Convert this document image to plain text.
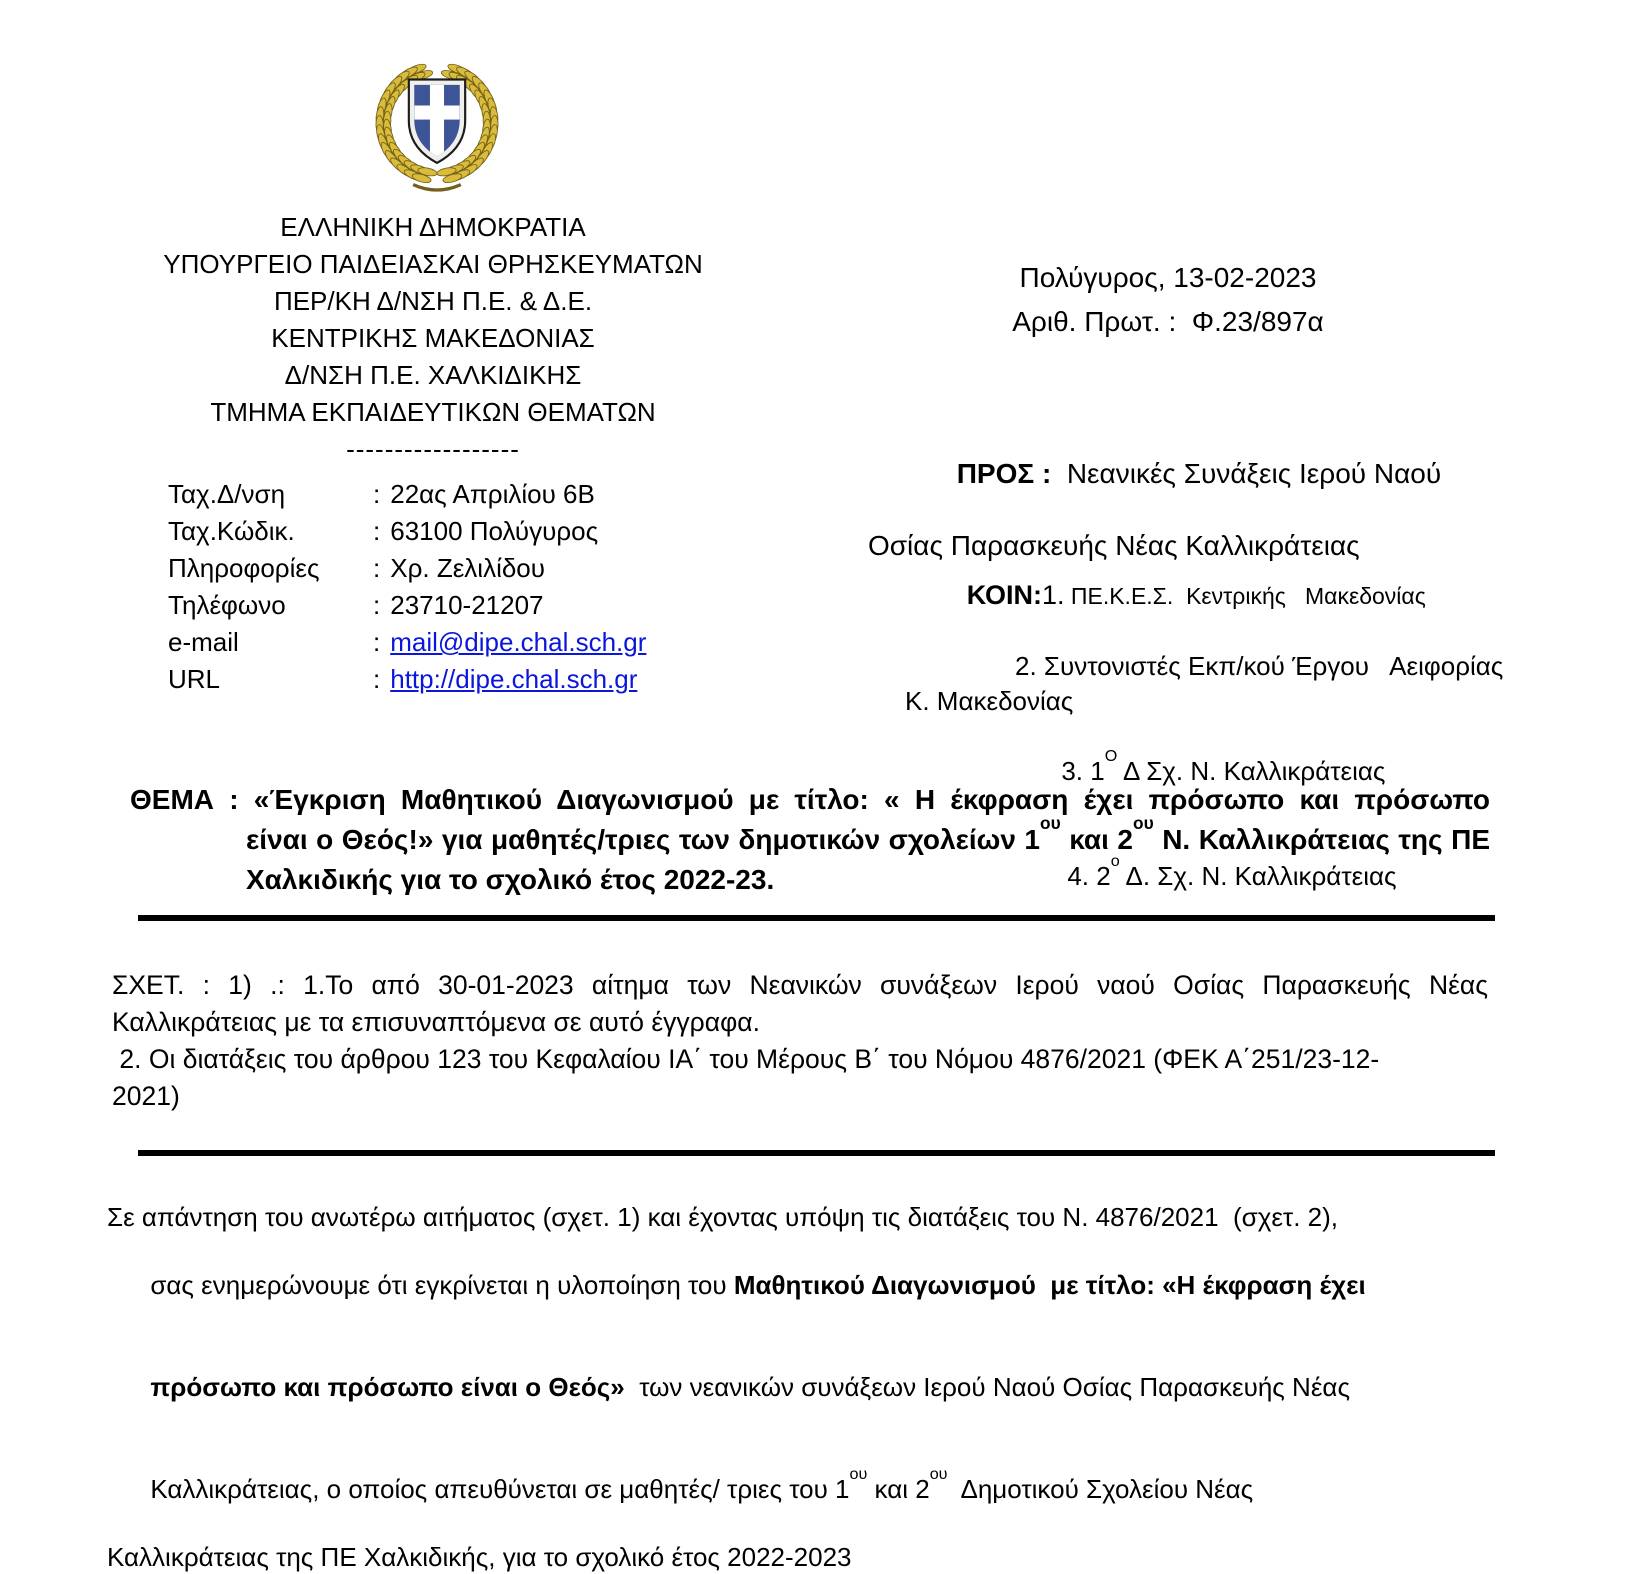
ΕΛΛΗΝΙΚΗ ΔΗΜΟΚΡΑΤΙΑ
ΥΠΟΥΡΓΕΙΟ ΠΑΙΔΕΙΑΣΚΑΙ ΘΡΗΣΚΕΥΜΑΤΩΝ
ΠΕΡ/ΚΗ Δ/ΝΣΗ Π.Ε. & Δ.Ε.
ΚΕΝΤΡΙΚΗΣ ΜΑΚΕΔΟΝΙΑΣ
Δ/ΝΣΗ Π.Ε. ΧΑΛΚΙΔΙΚΗΣ
ΤΜΗΜΑ ΕΚΠΑΙΔΕΥΤΙΚΩΝ ΘΕΜΑΤΩΝ
------------------
Ταχ.Δ/νση	: 22ας Απριλίου 6Β
Ταχ.Κώδικ.	: 63100 Πολύγυρος
Πληροφορίες	: Χρ. Ζελιλίδου
Τηλέφωνο	: 23710-21207
e-mail	: mail@dipe.chal.sch.gr
URL	: http://dipe.chal.sch.gr
Πολύγυρος, 13-02-2023
Αριθ. Πρωτ. :  Φ.23/897α

ΠΡΟΣ :  Νεανικές Συνάξεις Ιερού Ναού

Οσίας Παρασκευής Νέας Καλλικράτειας

ΚΟΙΝ:1. ΠΕ.Κ.Ε.Σ.  Κεντρικής   Μακεδονίας

2. Συντονιστές Εκπ/κού Έργου   Αειφορίας
Κ. Μακεδονίας

3. $1^O$ Δ Σχ. Ν. Καλλικράτειας

4. $2^o$ Δ. Σχ. Ν. Καλλικράτειας

ΘΕΜΑ : «Έγκριση Μαθητικού Διαγωνισμού με τίτλο: « Η έκφραση έχει πρόσωπο και πρόσωπο
είναι ο Θεός!» για μαθητές/τριες των δημοτικών σχολείων $1^{o\upsilon}$ και $2^{o\upsilon}$ Ν. Καλλικράτειας της ΠΕ
Χαλκιδικής για το σχολικό έτος 2022-23.
ΣΧΕΤ. : 1) .: 1.Το από 30-01-2023 αίτημα των Νεανικών συνάξεων Ιερού ναού Οσίας Παρασκευής Νέας
Καλλικράτειας με τα επισυναπτόμενα σε αυτό έγγραφα.
2. Οι διατάξεις του άρθρου 123 του Κεφαλαίου ΙΑ΄ του Μέρους Β΄ του Νόμου 4876/2021 (ΦΕΚ Α΄251/23-12-
2021)
Σε απάντηση του ανωτέρω αιτήματος (σχετ. 1) και έχοντας υπόψη τις διατάξεις του Ν. 4876/2021  (σχετ. 2),

σας ενημερώνουμε ότι εγκρίνεται η υλοποίηση του Μαθητικού Διαγωνισμού  με τίτλο: «Η έκφραση έχει

πρόσωπο και πρόσωπο είναι ο Θεός»  των νεανικών συνάξεων Ιερού Ναού Οσίας Παρασκευής Νέας

Καλλικράτειας, ο οποίος απευθύνεται σε μαθητές/ τριες του $1^{o\upsilon}$ και $2^{o\upsilon}$  Δημοτικού Σχολείου Νέας

Καλλικράτειας της ΠΕ Χαλκιδικής, για το σχολικό έτος 2022-2023
